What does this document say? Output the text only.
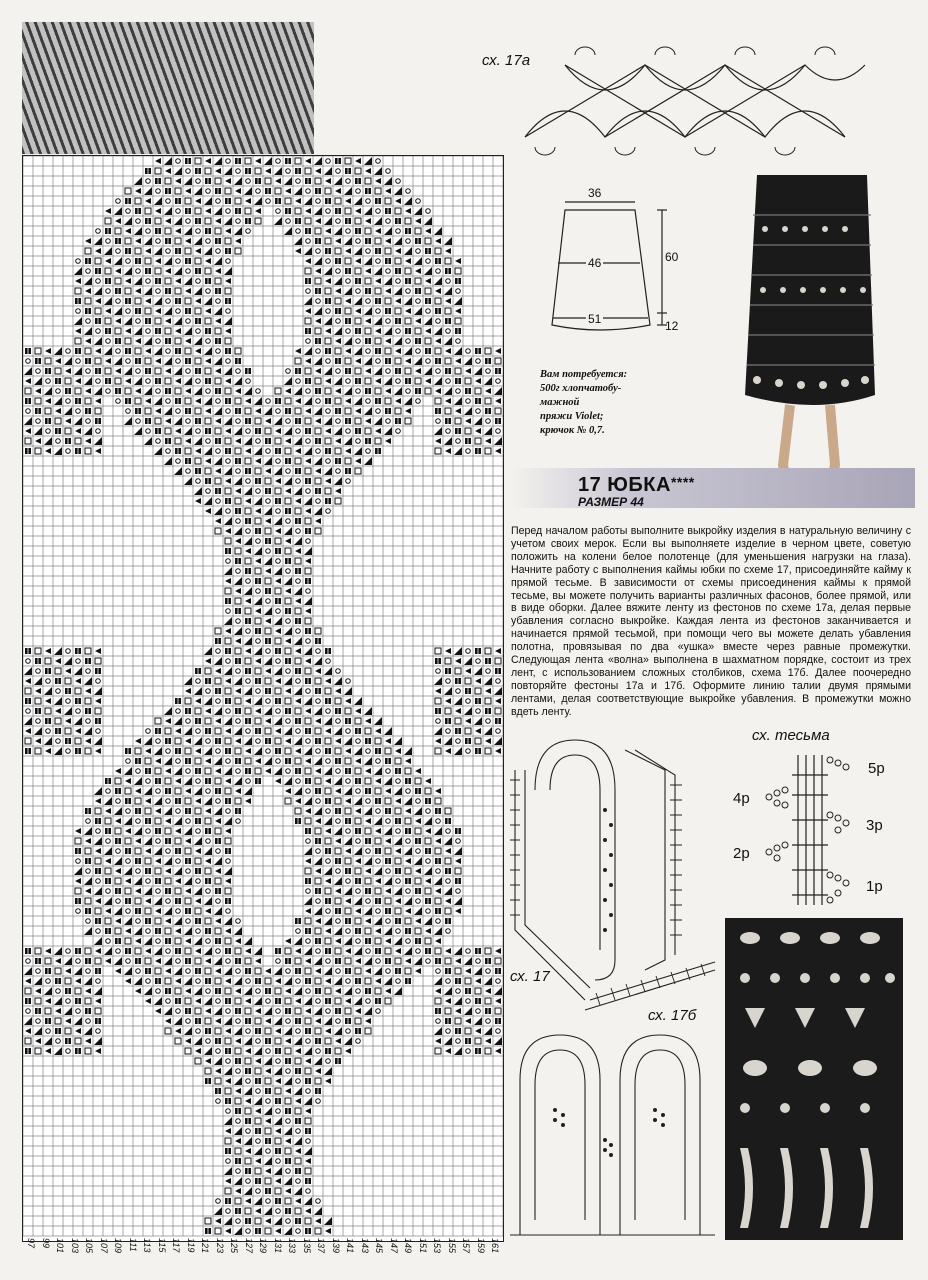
97 99 101 103 105 107 109 111 113 115 117 119 121 123 125 127 129 131 133 135 137 139 141 143 145 147 149 151 153 155 157 159 161
сх. 17а
36
46
51
60
12
Вам потребуется:
500г хлопчатобу-
мажной
пряжи Violet;
крючок № 0,7.
17 ЮБКА****
РАЗМЕР 44
Перед началом работы выполните выкройку изделия в натуральную величину с учетом своих мерок. Если вы выполняете изделие в черном цвете, советую положить на колени белое полотенце (для уменьшения нагрузки на глаза). Начните работу с выполнения каймы юбки по схеме 17, присоединяйте кайму к прямой тесьме. В зависимости от схемы присоединения каймы к прямой тесьме, вы можете получить варианты различных фасонов, более прямой, или в виде оборки. Далее вяжите ленту из фестонов по схеме 17а, делая первые убавления согласно выкройке. Каждая лента из фестонов заканчивается и начинается прямой тесьмой, при помощи чего вы можете делать убавления полотна, провязывая по два «ушка» вместе через равные промежутки. Следующая лента «волна» выполнена в шахматном порядке, состоит из трех лент, с использованием сложных столбиков, схема 17б. Далее поочередно повторяйте фестоны 17а и 17б. Оформите линию талии двумя прямыми лентами, делая соответствующие выкройке убавления. В промежутки можно вдеть ленту.
сх. 17
сх. 17б
сх. тесьма
5р
4р
3р
2р
1р
